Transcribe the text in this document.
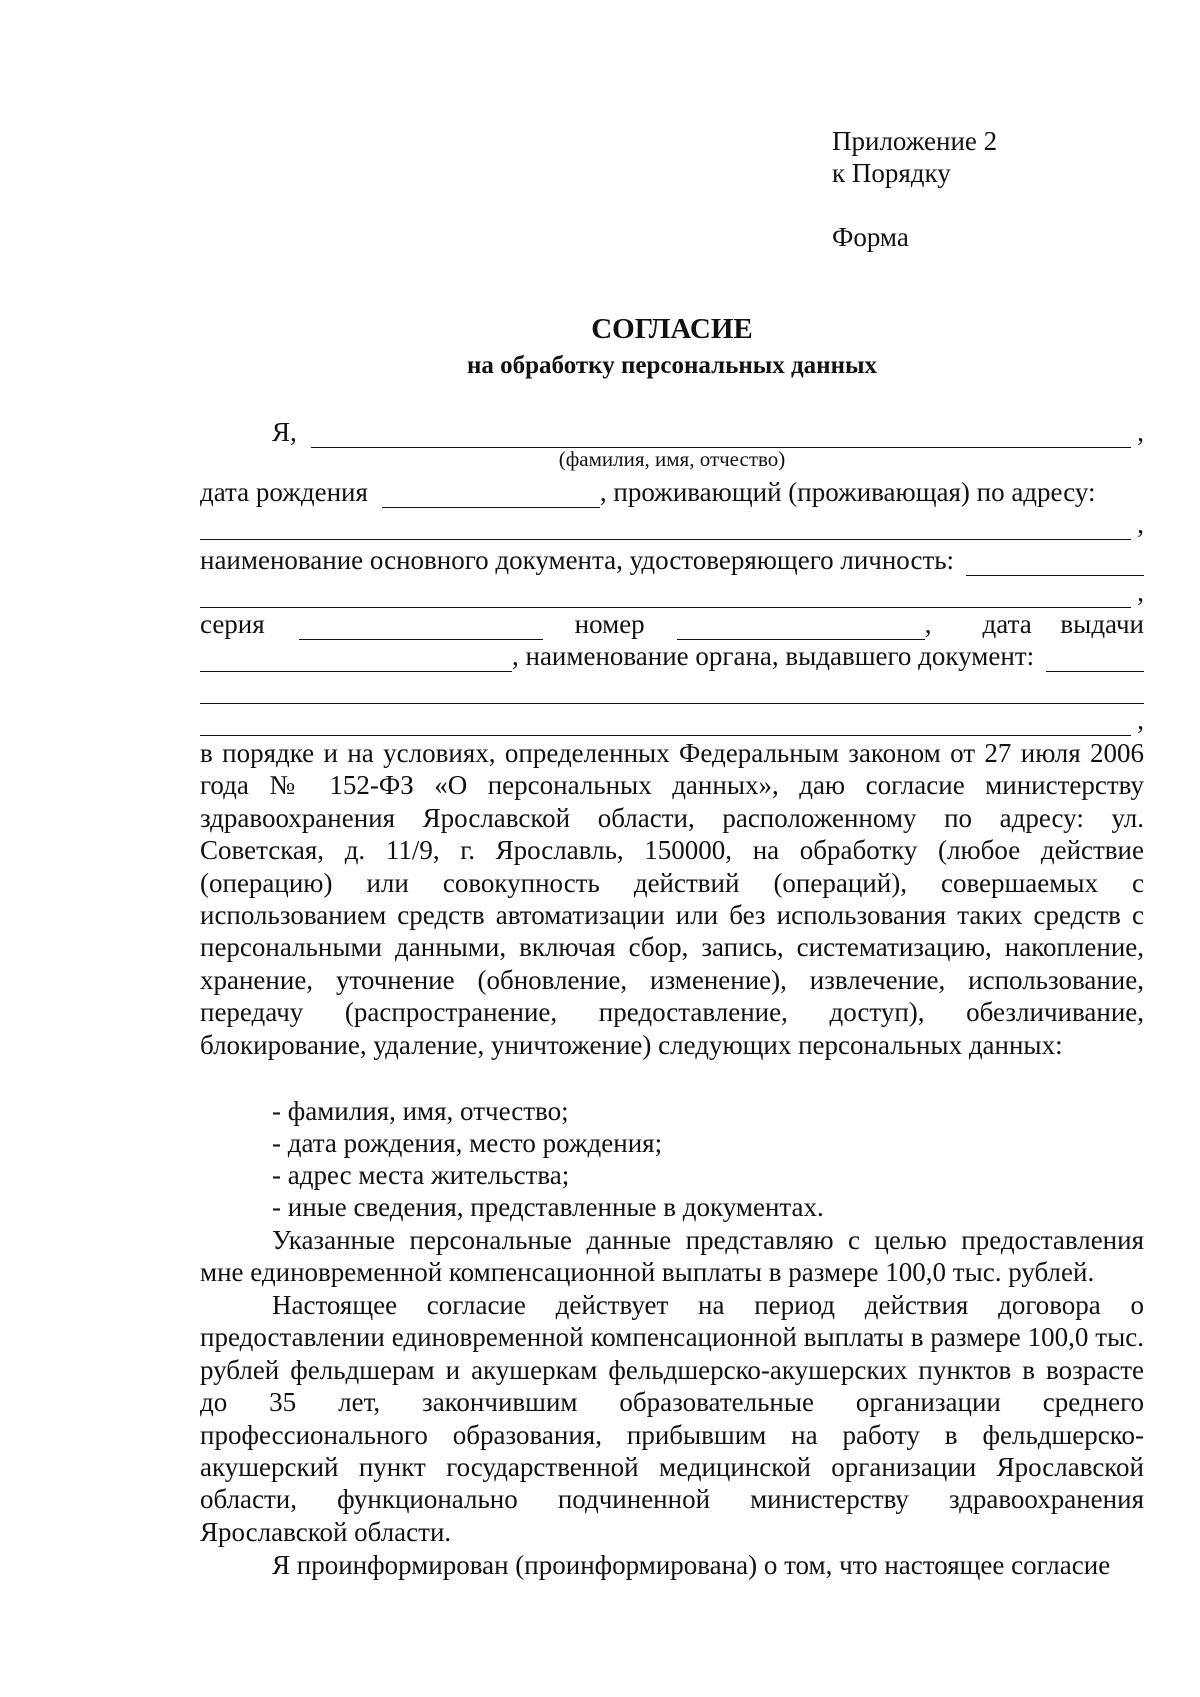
Приложение 2
к Порядку
Форма
СОГЛАСИЕ
на обработку персональных данных
Я,	,
(фамилия, имя, отчество)
дата рождения	, проживающий (проживающая) по адресу:
,
наименование основного документа, удостоверяющего личность:
,
серия	номер	, дата выдачи
, наименование органа, выдавшего документ:
,
в порядке и на условиях, определенных Федеральным законом от 27 июля 2006 года № 152-ФЗ «О персональных данных», даю согласие министерству здравоохранения Ярославской области, расположенному по адресу: ул. Советская, д. 11/9, г. Ярославль, 150000, на обработку (любое действие (операцию) или совокупность действий (операций), совершаемых с использованием средств автоматизации или без использования таких средств с персональными данными, включая сбор, запись, систематизацию, накопление, хранение, уточнение (обновление, изменение), извлечение, использование, передачу (распространение, предоставление, доступ), обезличивание, блокирование, удаление, уничтожение) следующих персональных данных:
- фамилия, имя, отчество;
- дата рождения, место рождения;
- адрес места жительства;
- иные сведения, представленные в документах.
Указанные персональные данные представляю с целью предоставления мне единовременной компенсационной выплаты в размере 100,0 тыс. рублей.
Настоящее согласие действует на период действия договора о предоставлении единовременной компенсационной выплаты в размере 100,0 тыс. рублей фельдшерам и акушеркам фельдшерско-акушерских пунктов в возрасте до 35 лет, закончившим образовательные организации среднего профессионального образования, прибывшим на работу в фельдшерско-акушерский пункт государственной медицинской организации Ярославской области, функционально подчиненной министерству здравоохранения Ярославской области.
Я проинформирован (проинформирована) о том, что настоящее согласие
